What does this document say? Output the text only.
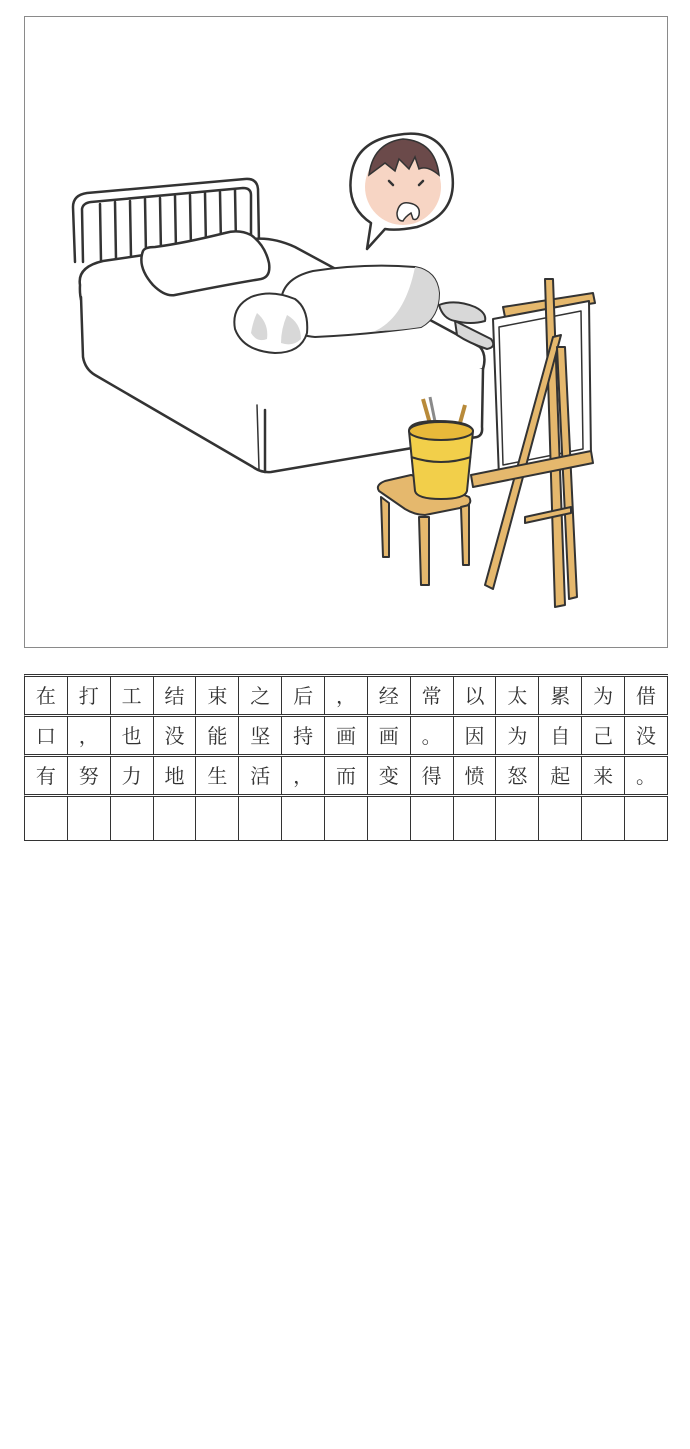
在	打	工	结	束	之	后	，	经	常	以	太	累	为	借
口	，	也	没	能	坚	持	画	画	。	因	为	自	己	没
有	努	力	地	生	活	，	而	变	得	愤	怒	起	来	。
